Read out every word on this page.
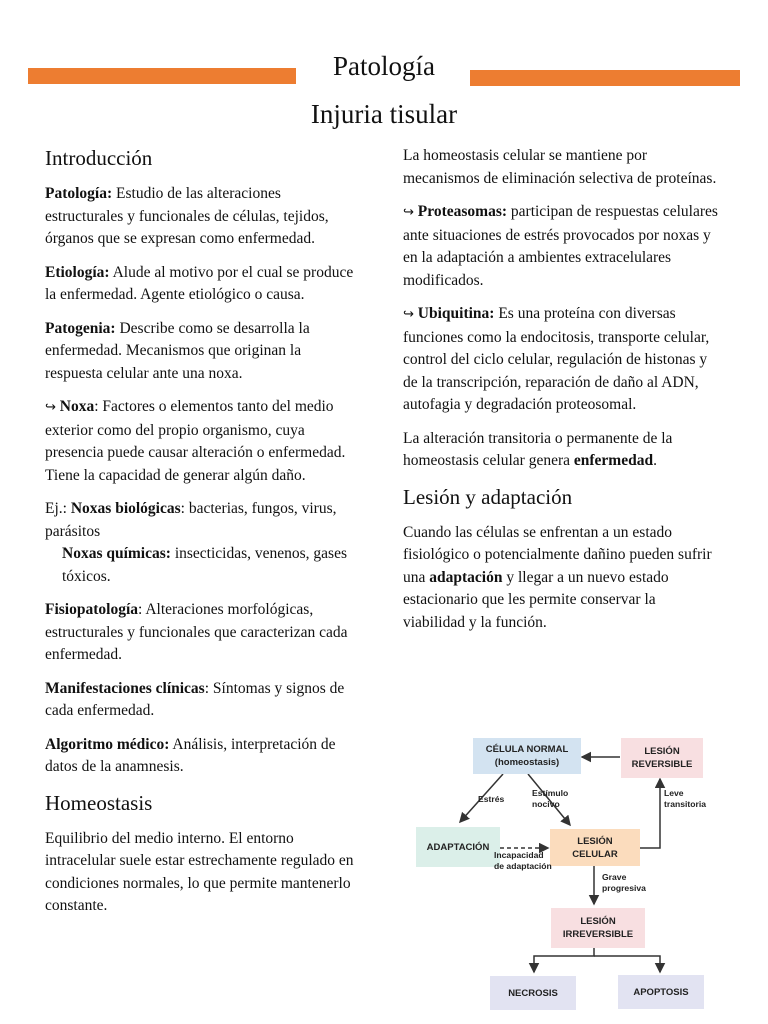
Patología
Injuria tisular
Introducción

Patología: Estudio de las alteraciones estructurales y funcionales de células, tejidos, órganos que se expresan como enfermedad.

Etiología: Alude al motivo por el cual se produce la enfermedad. Agente etiológico o causa.

Patogenia: Describe como se desarrolla la enfermedad. Mecanismos que originan la respuesta celular ante una noxa.

↪ Noxa: Factores o elementos tanto del medio exterior como del propio organismo, cuya presencia puede causar alteración o enfermedad. Tiene la capacidad de generar algún daño.

Ej.: Noxas biológicas: bacterias, fungos, virus, parásitos

Noxas químicas: insecticidas, venenos, gases tóxicos.

Fisiopatología: Alteraciones morfológicas, estructurales y funcionales que caracterizan cada enfermedad.

Manifestaciones clínicas: Síntomas y signos de cada enfermedad.

Algoritmo médico: Análisis, interpretación de datos de la anamnesis.

Homeostasis

Equilibrio del medio interno. El entorno intracelular suele estar estrechamente regulado en condiciones normales, lo que permite mantenerlo constante.

La homeostasis celular se mantiene por mecanismos de eliminación selectiva de proteínas.

↪ Proteasomas: participan de respuestas celulares ante situaciones de estrés provocados por noxas y en la adaptación a ambientes extracelulares modificados.

↪ Ubiquitina: Es una proteína con diversas funciones como la endocitosis, transporte celular, control del ciclo celular, regulación de histonas y de la transcripción, reparación de daño al ADN, autofagia y degradación proteosomal.

La alteración transitoria o permanente de la homeostasis celular genera enfermedad.

Lesión y adaptación

Cuando las células se enfrentan a un estado fisiológico o potencialmente dañino pueden sufrir una adaptación y llegar a un nuevo estado estacionario que les permite conservar la viabilidad y la función.

CÉLULA NORMAL
(homeostasis)
LESIÓN
REVERSIBLE
ADAPTACIÓN
LESIÓN
CELULAR
LESIÓN
IRREVERSIBLE
NECROSIS	APOPTOSIS
Estrés
Estímulo
nocivo
Leve
transitoria
Incapacidad
de adaptación
Grave
progresiva
